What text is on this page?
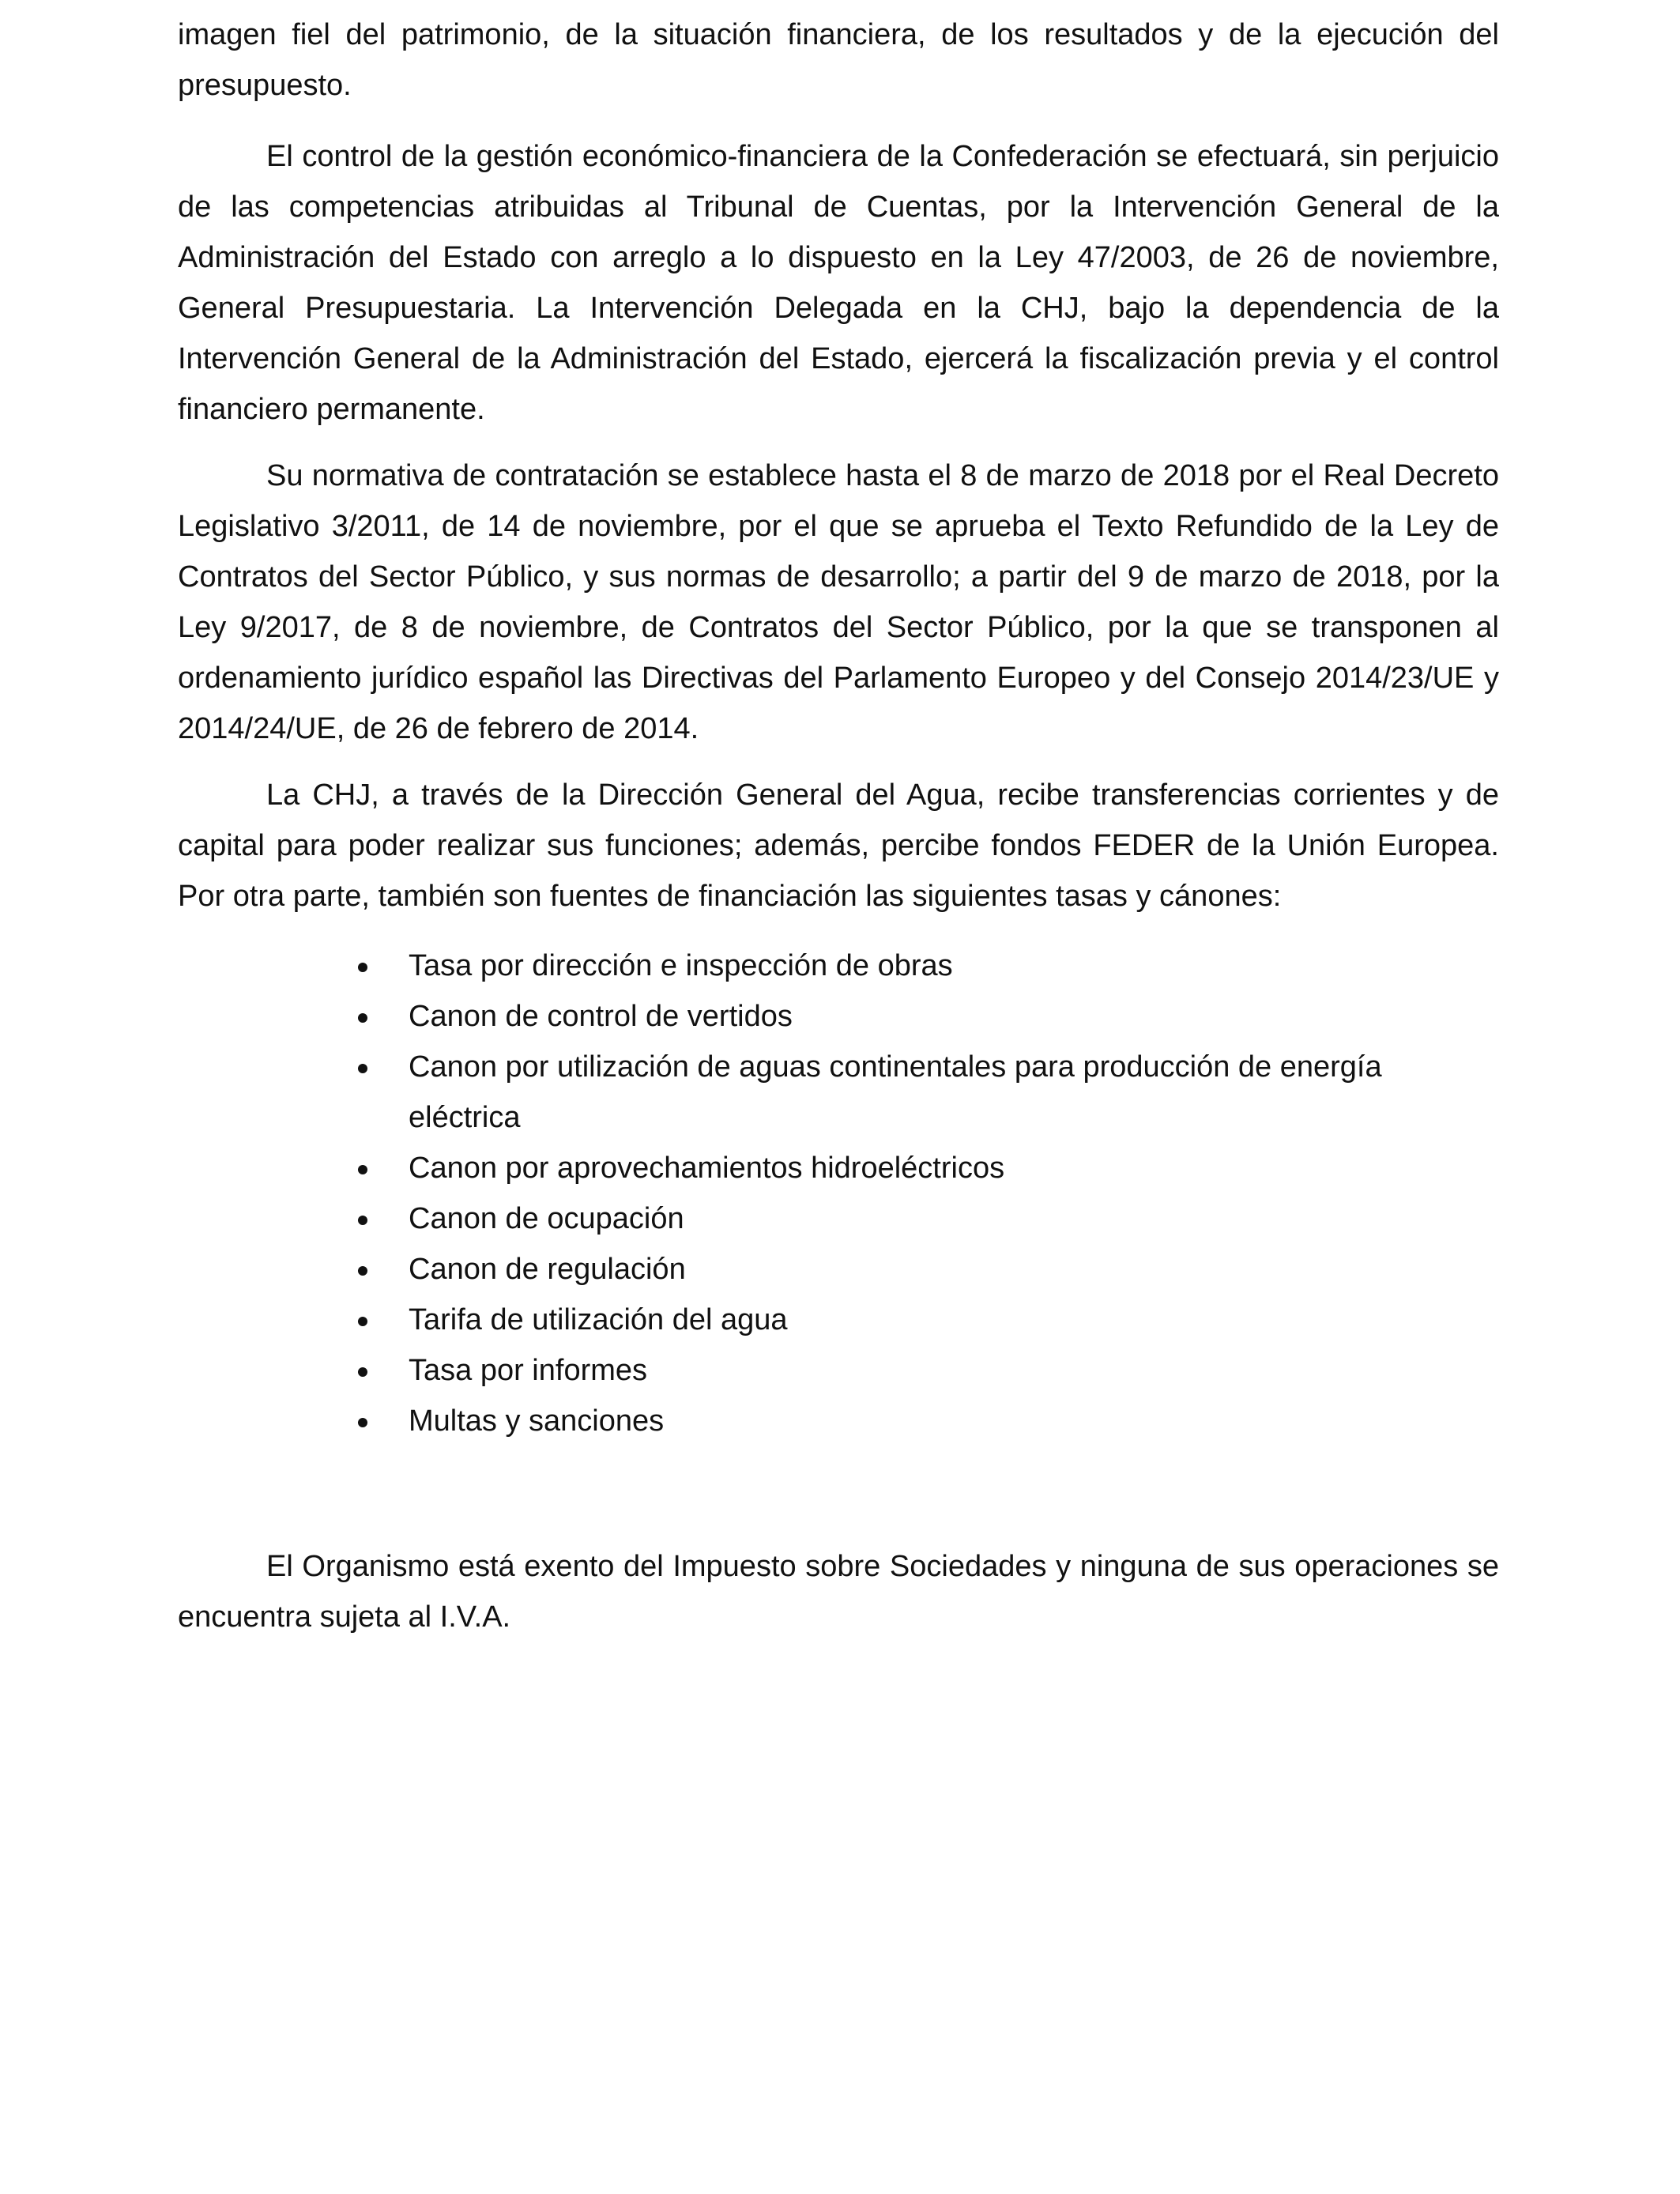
imagen fiel del patrimonio, de la situación financiera, de los resultados y de la ejecución del presupuesto.

El control de la gestión económico-financiera de la Confederación se efectuará, sin perjuicio de las competencias atribuidas al Tribunal de Cuentas, por la Intervención General de la Administración del Estado con arreglo a lo dispuesto en la Ley 47/2003, de 26 de noviembre, General Presupuestaria. La Intervención Delegada en la CHJ, bajo la dependencia de la Intervención General de la Administración del Estado, ejercerá la fiscalización previa y el control financiero permanente.

Su normativa de contratación se establece hasta el 8 de marzo de 2018 por el Real Decreto Legislativo 3/2011, de 14 de noviembre, por el que se aprueba el Texto Refundido de la Ley de Contratos del Sector Público, y sus normas de desarrollo; a partir del 9 de marzo de 2018, por la Ley 9/2017, de 8 de noviembre, de Contratos del Sector Público, por la que se transponen al ordenamiento jurídico español las Directivas del Parlamento Europeo y del Consejo 2014/23/UE y 2014/24/UE, de 26 de febrero de 2014.

La CHJ, a través de la Dirección General del Agua, recibe transferencias corrientes y de capital para poder realizar sus funciones; además, percibe fondos FEDER de la Unión Europea. Por otra parte, también son fuentes de financiación las siguientes tasas y cánones:

Tasa por dirección e inspección de obras
Canon de control de vertidos
Canon por utilización de aguas continentales para producción de energía eléctrica
Canon por aprovechamientos hidroeléctricos
Canon de ocupación
Canon de regulación
Tarifa de utilización del agua
Tasa por informes
Multas y sanciones

El Organismo está exento del Impuesto sobre Sociedades y ninguna de sus operaciones se encuentra sujeta al I.V.A.
